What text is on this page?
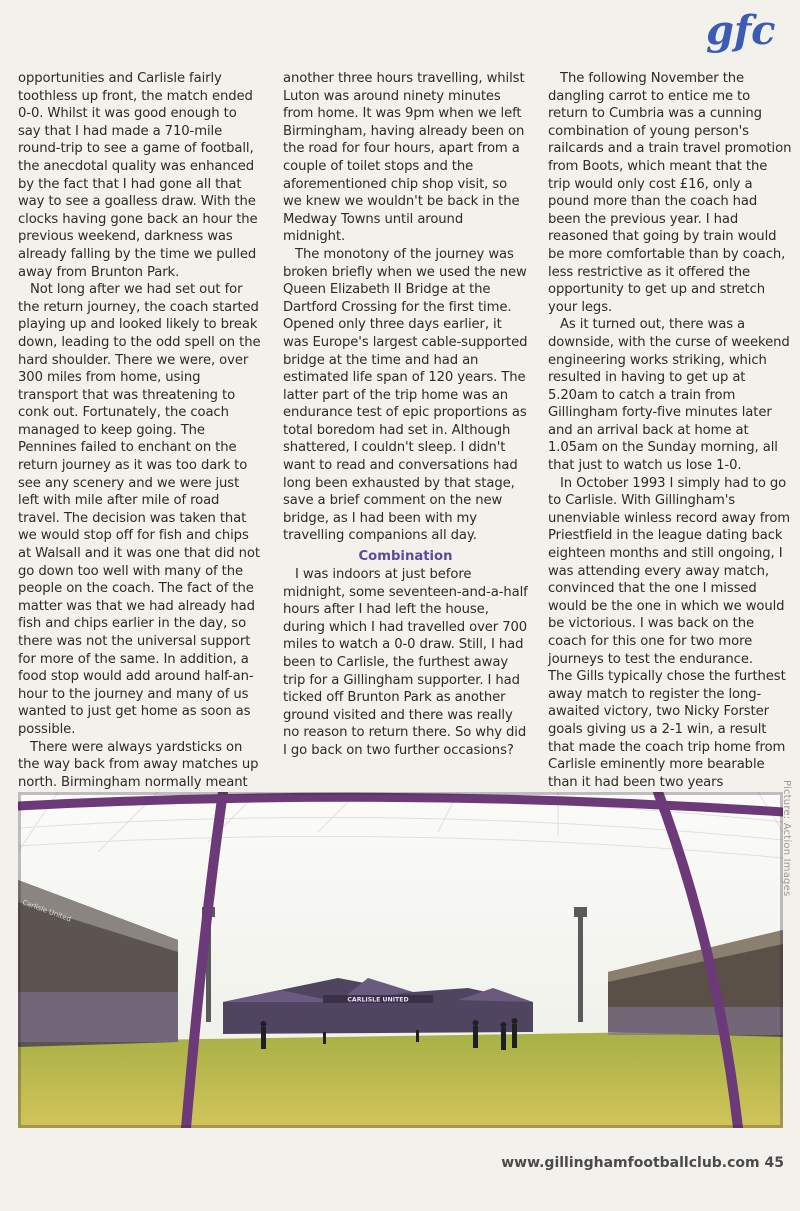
gfc

opportunities and Carlisle fairly toothless up front, the match ended 0-0. Whilst it was good enough to say that I had made a 710-mile round-trip to see a game of football, the anecdotal quality was enhanced by the fact that I had gone all that way to see a goalless draw. With the clocks having gone back an hour the previous weekend, darkness was already falling by the time we pulled away from Brunton Park.

Not long after we had set out for the return journey, the coach started playing up and looked likely to break down, leading to the odd spell on the hard shoulder. There we were, over 300 miles from home, using transport that was threatening to conk out. Fortunately, the coach managed to keep going. The Pennines failed to enchant on the return journey as it was too dark to see any scenery and we were just left with mile after mile of road travel. The decision was taken that we would stop off for fish and chips at Walsall and it was one that did not go down too well with many of the people on the coach. The fact of the matter was that we had already had fish and chips earlier in the day, so there was not the universal support for more of the same. In addition, a food stop would add around half-an-hour to the journey and many of us wanted to just get home as soon as possible.

There were always yardsticks on the way back from away matches up north. Birmingham normally meant

another three hours travelling, whilst Luton was around ninety minutes from home. It was 9pm when we left Birmingham, having already been on the road for four hours, apart from a couple of toilet stops and the aforementioned chip shop visit, so we knew we wouldn't be back in the Medway Towns until around midnight.

The monotony of the journey was broken briefly when we used the new Queen Elizabeth II Bridge at the Dartford Crossing for the first time. Opened only three days earlier, it was Europe's largest cable-supported bridge at the time and had an estimated life span of 120 years. The latter part of the trip home was an endurance test of epic proportions as total boredom had set in. Although shattered, I couldn't sleep. I didn't want to read and conversations had long been exhausted by that stage, save a brief comment on the new bridge, as I had been with my travelling companions all day.

Combination

I was indoors at just before midnight, some seventeen-and-a-half hours after I had left the house, during which I had travelled over 700 miles to watch a 0-0 draw. Still, I had been to Carlisle, the furthest away trip for a Gillingham supporter. I had ticked off Brunton Park as another ground visited and there was really no reason to return there. So why did I go back on two further occasions?

The following November the dangling carrot to entice me to return to Cumbria was a cunning combination of young person's railcards and a train travel promotion from Boots, which meant that the trip would only cost £16, only a pound more than the coach had been the previous year. I had reasoned that going by train would be more comfortable than by coach, less restrictive as it offered the opportunity to get up and stretch your legs.

As it turned out, there was a downside, with the curse of weekend engineering works striking, which resulted in having to get up at 5.20am to catch a train from Gillingham forty-five minutes later and an arrival back at home at 1.05am on the Sunday morning, all that just to watch us lose 1-0.

In October 1993 I simply had to go to Carlisle. With Gillingham's unenviable winless record away from Priestfield in the league dating back eighteen months and still ongoing, I was attending every away match, convinced that the one I missed would be the one in which we would be victorious. I was back on the coach for this one for two more journeys to test the endurance.

The Gills typically chose the furthest away match to register the long-awaited victory, two Nicky Forster goals giving us a 2-1 win, a result that made the coach trip home from Carlisle eminently more bearable than it had been two years

Carlisle United
CARLISLE UNITED
Picture: Action Images
www.gillinghamfootballclub.com 45
